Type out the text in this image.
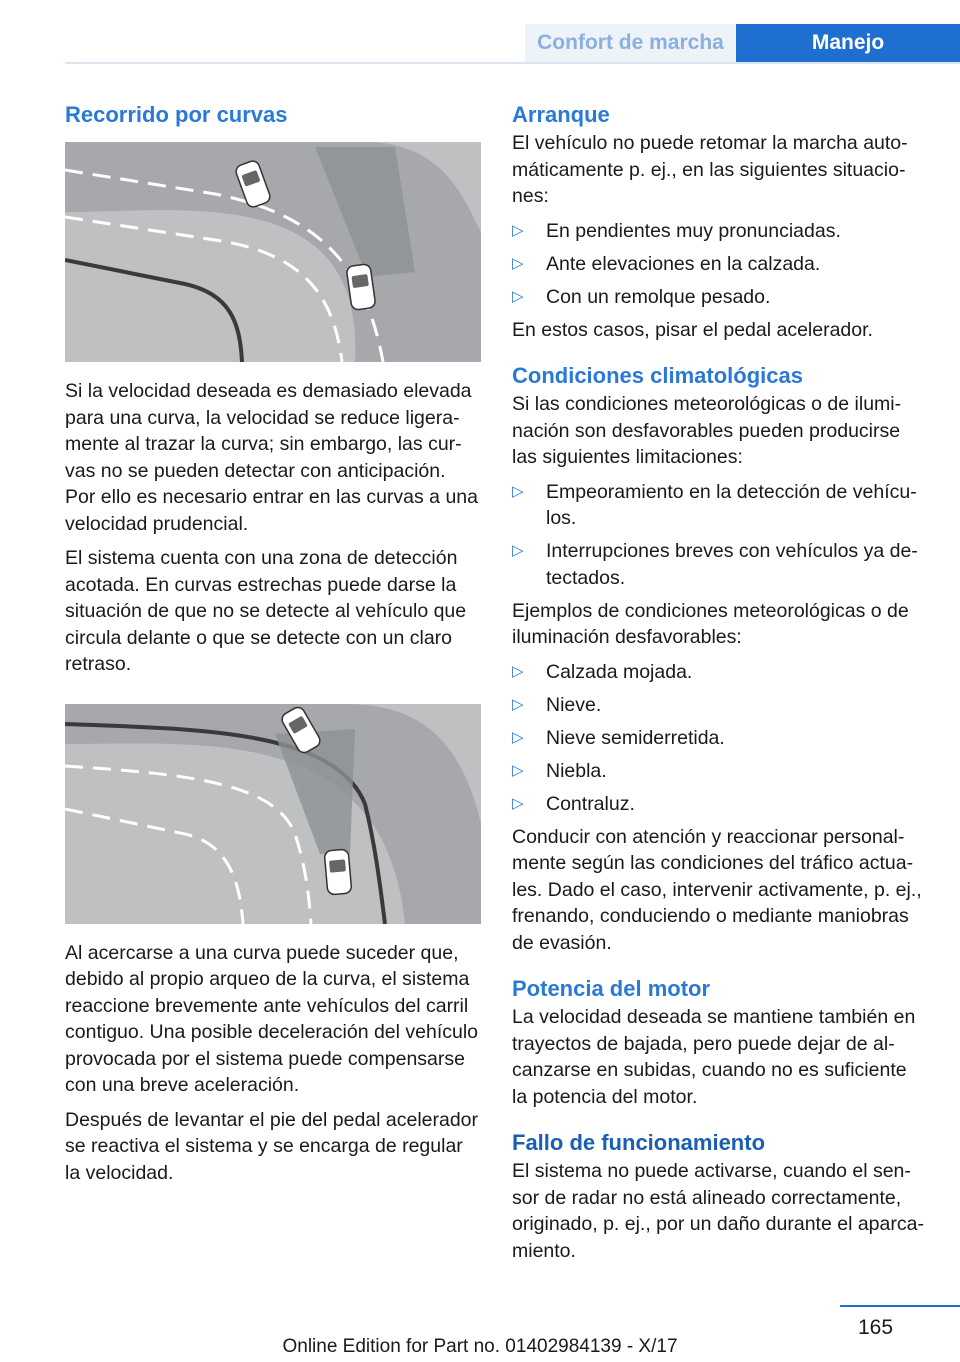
Confort de marcha	Manejo
Recorrido por curvas

Si la velocidad deseada es demasiado elevada para una curva, la velocidad se reduce ligeramente al trazar la curva; sin embargo, las curvas no se pueden detectar con anticipación. Por ello es necesario entrar en las curvas a una velocidad prudencial.

El sistema cuenta con una zona de detección acotada. En curvas estrechas puede darse la situación de que no se detecte al vehículo que circula delante o que se detecte con un claro retraso.

Al acercarse a una curva puede suceder que, debido al propio arqueo de la curva, el sistema reaccione brevemente ante vehículos del carril contiguo. Una posible deceleración del vehículo provocada por el sistema puede compensarse con una breve aceleración.

Después de levantar el pie del pedal acelerador se reactiva el sistema y se encarga de regular la velocidad.

Arranque

El vehículo no puede retomar la marcha automáticamente p. ej., en las siguientes situaciones:

▷ En pendientes muy pronunciadas.
▷ Ante elevaciones en la calzada.
▷ Con un remolque pesado.

En estos casos, pisar el pedal acelerador.

Condiciones climatológicas

Si las condiciones meteorológicas o de iluminación son desfavorables pueden producirse las siguientes limitaciones:

▷ Empeoramiento en la detección de vehículos.
▷ Interrupciones breves con vehículos ya detectados.

Ejemplos de condiciones meteorológicas o de iluminación desfavorables:

▷ Calzada mojada.
▷ Nieve.
▷ Nieve semiderretida.
▷ Niebla.
▷ Contraluz.

Conducir con atención y reaccionar personalmente según las condiciones del tráfico actuales. Dado el caso, intervenir activamente, p. ej., frenando, conduciendo o mediante maniobras de evasión.

Potencia del motor

La velocidad deseada se mantiene también en trayectos de bajada, pero puede dejar de alcanzarse en subidas, cuando no es suficiente la potencia del motor.

Fallo de funcionamiento

El sistema no puede activarse, cuando el sensor de radar no está alineado correctamente, originado, p. ej., por un daño durante el aparcamiento.

165
Online Edition for Part no. 01402984139 - X/17
